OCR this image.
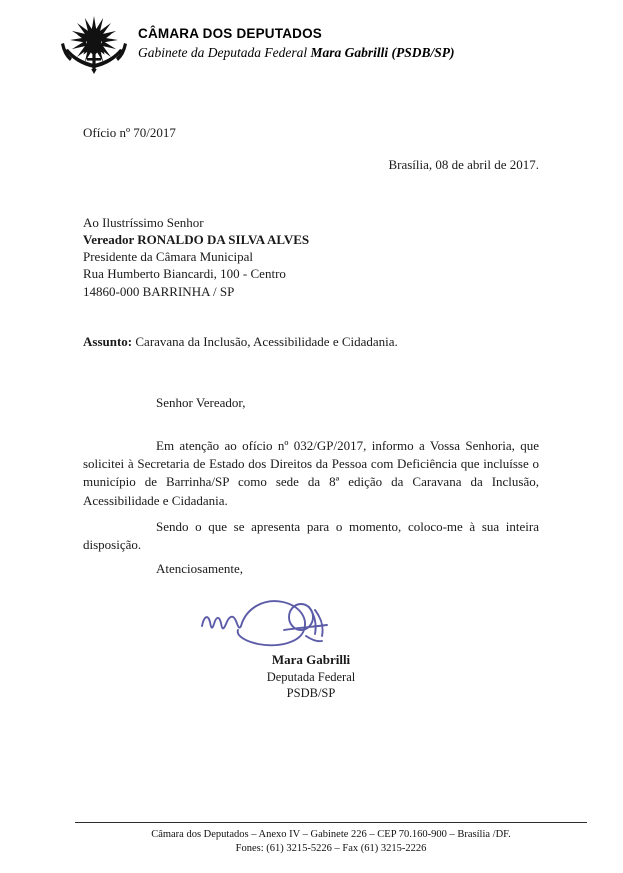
CÂMARA DOS DEPUTADOS
Gabinete da Deputada Federal Mara Gabrilli (PSDB/SP)
Ofício nº 70/2017
Brasília, 08 de abril de 2017.
Ao Ilustríssimo Senhor
Vereador RONALDO DA SILVA ALVES
Presidente da Câmara Municipal
Rua Humberto Biancardi, 100 - Centro
14860-000 BARRINHA / SP
Assunto: Caravana da Inclusão, Acessibilidade e Cidadania.
Senhor Vereador,
Em atenção ao ofício nº 032/GP/2017, informo a Vossa Senhoria, que solicitei à Secretaria de Estado dos Direitos da Pessoa com Deficiência que incluísse o município de Barrinha/SP como sede da 8ª edição da Caravana da Inclusão, Acessibilidade e Cidadania.
Sendo o que se apresenta para o momento, coloco-me à sua inteira disposição.
Atenciosamente,
Mara Gabrilli
Deputada Federal
PSDB/SP
Câmara dos Deputados – Anexo IV – Gabinete 226 – CEP 70.160-900 – Brasília /DF.
Fones: (61) 3215-5226 – Fax (61) 3215-2226
